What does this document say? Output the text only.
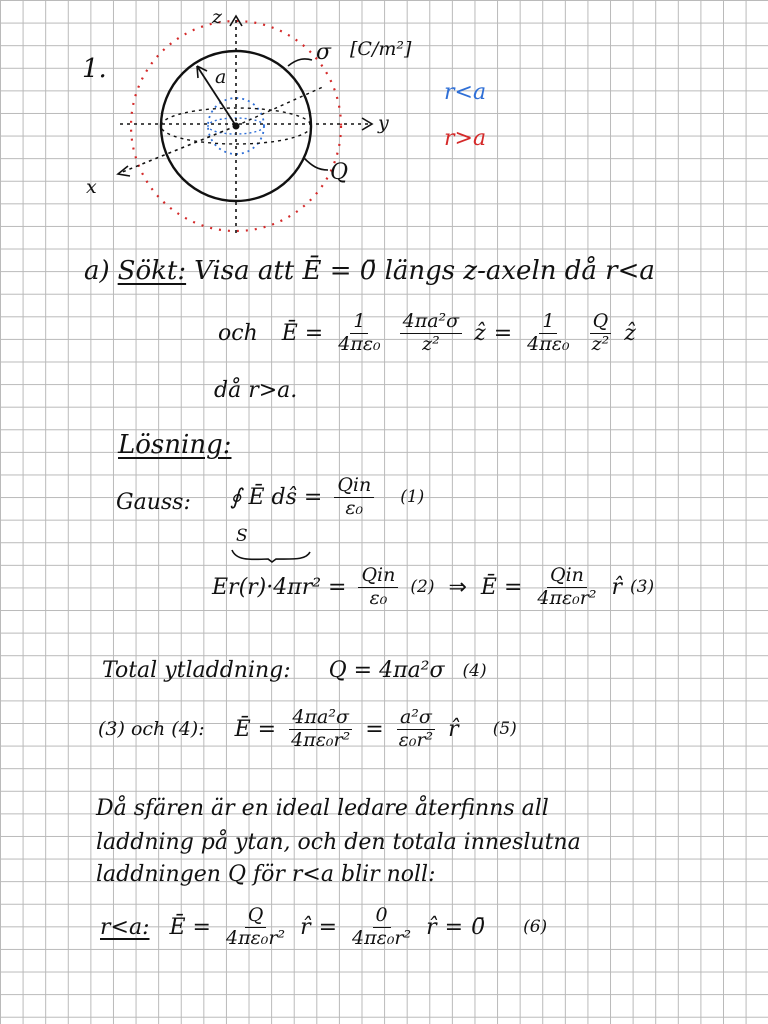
1.
z
y
x
a
σ [C/m²]
Q
r<a
r>a
a) Sökt: Visa att Ē = 0̄ längs z-axeln då r<a
och Ē = $\frac{1}{\text{4πε₀}} \frac{\text{4πa²σ}}{\text{z²}}$ ẑ = $\frac{1}{\text{4πε₀}} \frac{Q}{\text{z²}}$ ẑ
då r>a.
Lösning:
Gauss: ∮ Ē dŝ = $\frac{\text{Qin}}{\text{ε₀}} (1)$
S
$Er(r)\cdot 4\pi r^2 = \frac{\text{Qin}}{\text{ε₀}} (2)$ ⇒ Ē = $\frac{\text{Qin}}{\text{4πε₀r²}}$ r̂ (3)
Total ytladdning: Q = 4πa²σ (4)
(3) och (4): Ē = $\frac{\text{4πa²σ}}{\text{4πε₀r²}} = \frac{\text{a²σ}}{\text{ε₀r²}}$ r̂ (5)
Då sfären är en ideal ledare återfinns all
laddning på ytan, och den totala inneslutna
laddningen Q för r<a blir noll:
r<a: Ē = $\frac{Q}{\text{4πε₀r²}}$ r̂ = $\frac{0}{\text{4πε₀r²}}$ r̂ = 0̄ (6)
